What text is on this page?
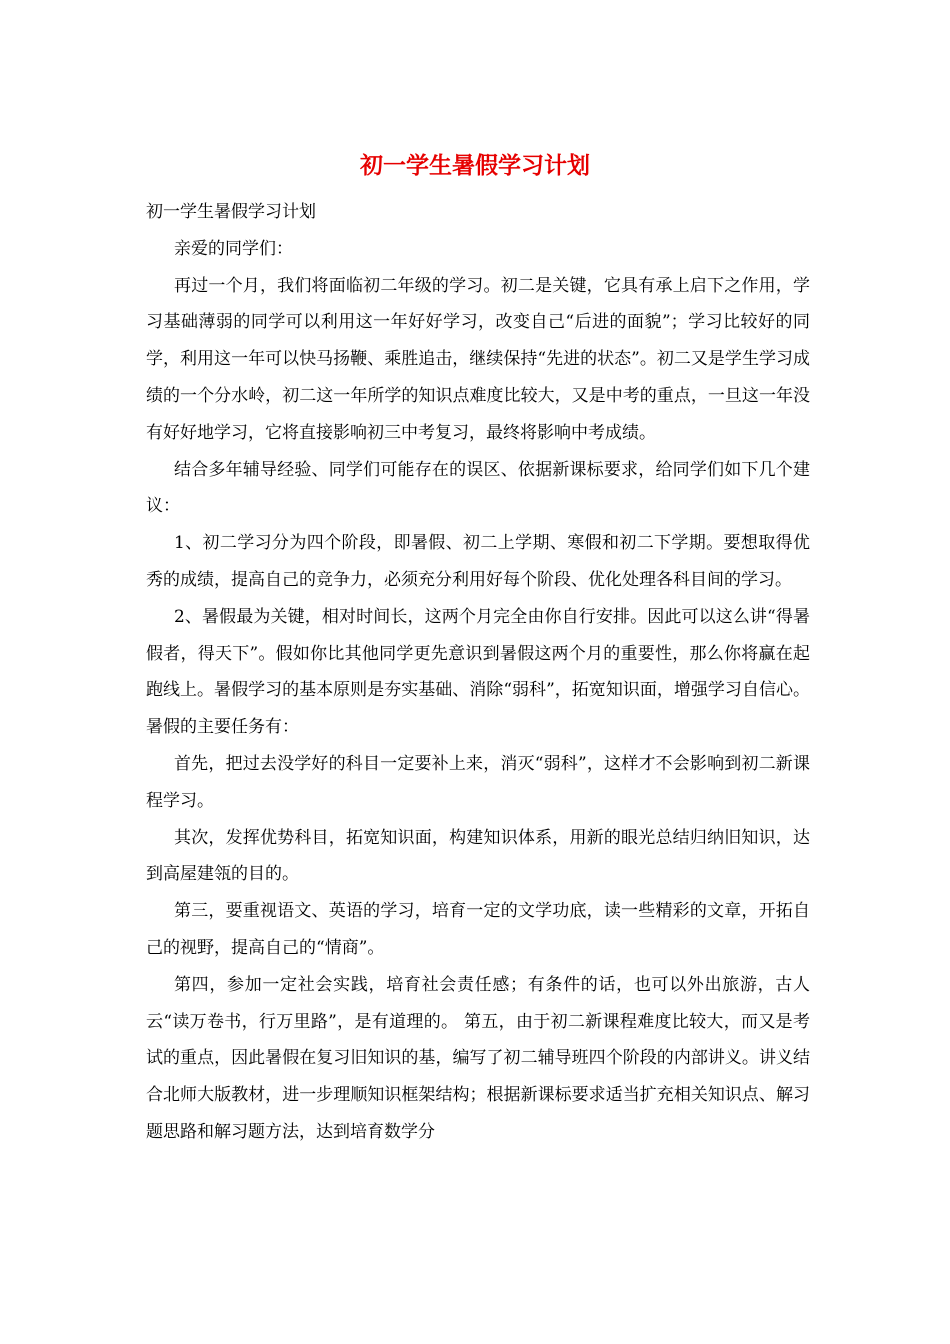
初一学生暑假学习计划

初一学生暑假学习计划

亲爱的同学们：

再过一个月，我们将面临初二年级的学习。初二是关键，它具有承上启下之作用，学习基础薄弱的同学可以利用这一年好好学习，改变自己“后进的面貌”；学习比较好的同学，利用这一年可以快马扬鞭、乘胜追击，继续保持“先进的状态”。初二又是学生学习成绩的一个分水岭，初二这一年所学的知识点难度比较大，又是中考的重点，一旦这一年没有好好地学习，它将直接影响初三中考复习，最终将影响中考成绩。

结合多年辅导经验、同学们可能存在的误区、依据新课标要求，给同学们如下几个建议：

1、初二学习分为四个阶段，即暑假、初二上学期、寒假和初二下学期。要想取得优秀的成绩，提高自己的竞争力，必须充分利用好每个阶段、优化处理各科目间的学习。

2、暑假最为关键，相对时间长，这两个月完全由你自行安排。因此可以这么讲“得暑假者，得天下”。假如你比其他同学更先意识到暑假这两个月的重要性，那么你将赢在起跑线上。暑假学习的基本原则是夯实基础、消除“弱科”，拓宽知识面，增强学习自信心。暑假的主要任务有：

首先，把过去没学好的科目一定要补上来，消灭“弱科”，这样才不会影响到初二新课程学习。

其次，发挥优势科目，拓宽知识面，构建知识体系，用新的眼光总结归纳旧知识，达到高屋建瓴的目的。

第三，要重视语文、英语的学习，培育一定的文学功底，读一些精彩的文章，开拓自己的视野，提高自己的“情商”。

第四，参加一定社会实践，培育社会责任感；有条件的话，也可以外出旅游，古人云“读万卷书，行万里路”，是有道理的。 第五，由于初二新课程难度比较大，而又是考试的重点，因此暑假在复习旧知识的基，编写了初二辅导班四个阶段的内部讲义。讲义结合北师大版教材，进一步理顺知识框架结构；根据新课标要求适当扩充相关知识点、解习题思路和解习题方法，达到培育数学分
